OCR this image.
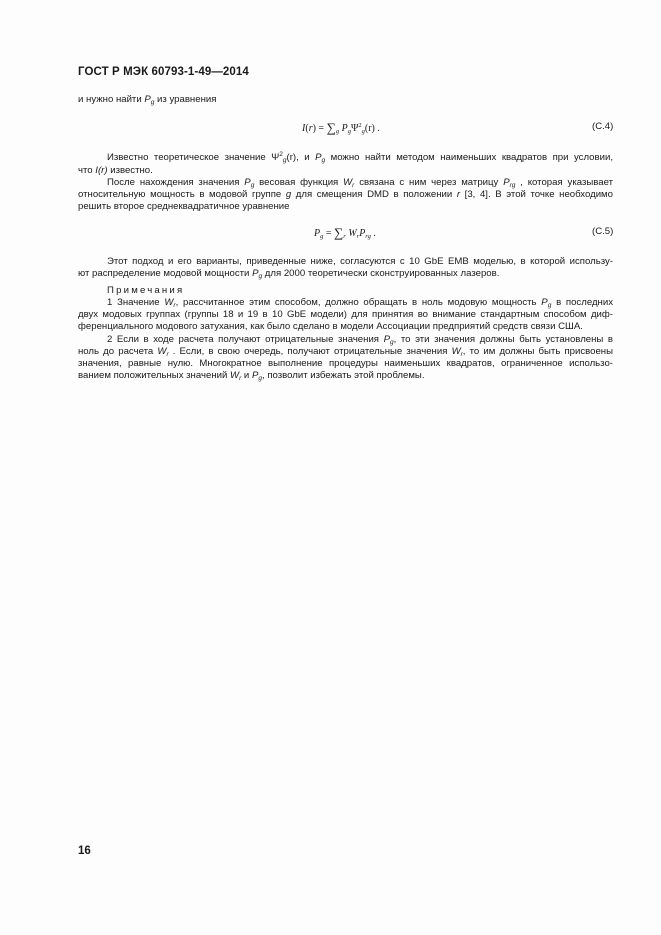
ГОСТ Р МЭК 60793-1-49—2014
и нужно найти $P_g$ из уравнения
$I(r) = \sum_g$ $P_g\Psi^2_g(r)$ .	(С.4)
Известно теоретическое значение $\Psi^2_g(r)$, и $P_g$ можно найти методом наименьших квадратов при условии,
что I(r) известно.
После нахождения значения $P_g$ весовая функция $W_r$ связана с ним через матрицу $P_{rg}$ , которая указывает
относительную мощность в модовой группе g для смещения DMD в положении r [3, 4]. В этой точке необходимо
решить второе среднеквадратичное уравнение
$P_g = \sum_r$ $W_rP_{rg}$ .	(С.5)
Этот подход и его варианты, приведенные ниже, согласуются с 10 GbE EMB моделью, в которой использу-
ют распределение модовой мощности $P_g$ для 2000 теоретически сконструированных лазеров.
Примечания
1 Значение $W_r$, рассчитанное этим способом, должно обращать в ноль модовую мощность $P_g$ в последних
двух модовых группах (группы 18 и 19 в 10 GbE модели) для принятия во внимание стандартным способом диф-
ференциального модового затухания, как было сделано в модели Ассоциации предприятий средств связи США.
2 Если в ходе расчета получают отрицательные значения $P_g$, то эти значения должны быть установлены в
ноль до расчета $W_r$ . Если, в свою очередь, получают отрицательные значения $W_r$, то им должны быть присвоены
значения, равные нулю. Многократное выполнение процедуры наименьших квадратов, ограниченное использо-
ванием положительных значений $W_r$ и $P_g$, позволит избежать этой проблемы.
16
